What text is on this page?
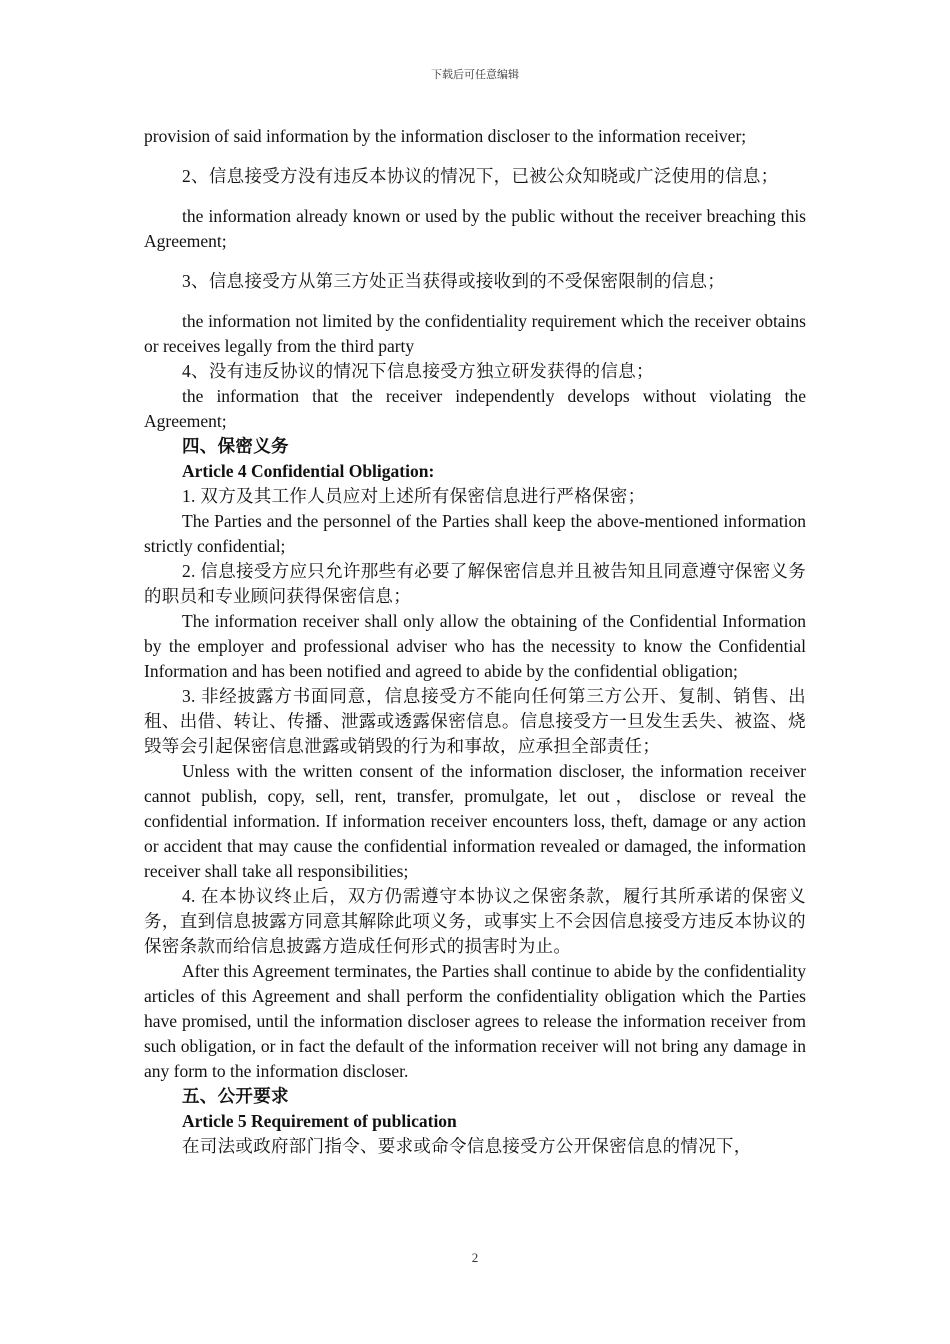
下载后可任意编辑

provision of said information by the information discloser to the information receiver;

2、信息接受方没有违反本协议的情况下，已被公众知晓或广泛使用的信息；

the information already known or used by the public without the receiver breaching this Agreement;

3、信息接受方从第三方处正当获得或接收到的不受保密限制的信息；

the information not limited by the confidentiality requirement which the receiver obtains or receives legally from the third party

4、没有违反协议的情况下信息接受方独立研发获得的信息；

the information that the receiver independently develops without violating the Agreement;

四、保密义务

Article 4 Confidential Obligation:

1. 双方及其工作人员应对上述所有保密信息进行严格保密；

The Parties and the personnel of the Parties shall keep the above-mentioned information strictly confidential;

2. 信息接受方应只允许那些有必要了解保密信息并且被告知且同意遵守保密义务的职员和专业顾问获得保密信息；

The information receiver shall only allow the obtaining of the Confidential Information by the employer and professional adviser who has the necessity to know the Confidential Information and has been notified and agreed to abide by the confidential obligation;

3. 非经披露方书面同意，信息接受方不能向任何第三方公开、复制、销售、出租、出借、转让、传播、泄露或透露保密信息。信息接受方一旦发生丢失、被盗、烧毁等会引起保密信息泄露或销毁的行为和事故，应承担全部责任；

Unless with the written consent of the information discloser, the information receiver cannot publish, copy, sell, rent, transfer, promulgate, let out，disclose or reveal the confidential information. If information receiver encounters loss, theft, damage or any action or accident that may cause the confidential information revealed or damaged, the information receiver shall take all responsibilities;

4. 在本协议终止后，双方仍需遵守本协议之保密条款，履行其所承诺的保密义务，直到信息披露方同意其解除此项义务，或事实上不会因信息接受方违反本协议的保密条款而给信息披露方造成任何形式的损害时为止。

After this Agreement terminates, the Parties shall continue to abide by the confidentiality articles of this Agreement and shall perform the confidentiality obligation which the Parties have promised, until the information discloser agrees to release the information receiver from such obligation, or in fact the default of the information receiver will not bring any damage in any form to the information discloser.

五、公开要求

Article 5 Requirement of publication

在司法或政府部门指令、要求或命令信息接受方公开保密信息的情况下，

2
